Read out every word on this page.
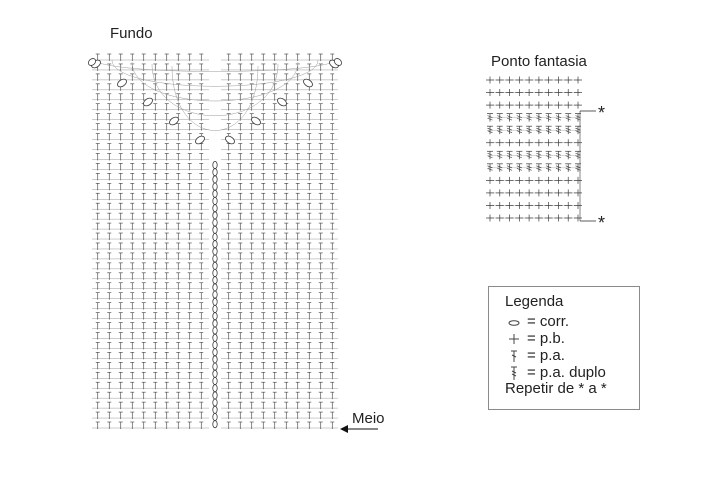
Fundo
Meio
Ponto fantasia
*
*
Legenda
= corr.
= p.b.
= p.a.
= p.a. duplo
Repetir de * a *
